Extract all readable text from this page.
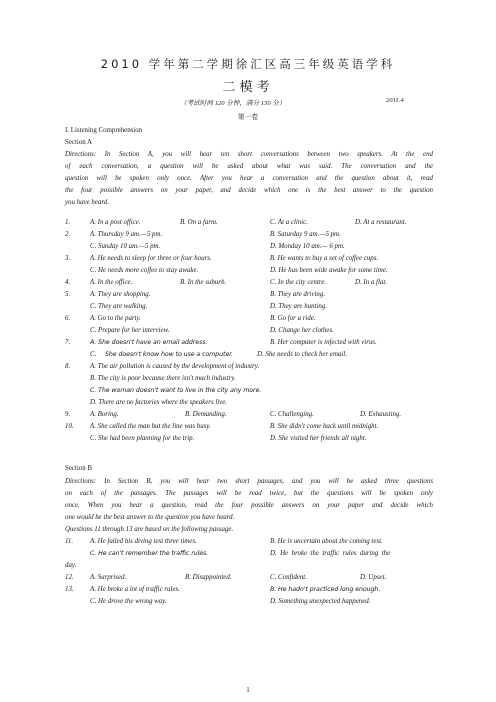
2010 学年第二学期徐汇区高三年级英语学科
二模考
（考试时间 120 分钟，满分 150 分）	2011.4
第一卷
I. Listening Comprehension
Section A
Directions: In Section A, you will hear ten short conversations between two speakers. At the end
of each conversation, a question will be asked about what was said. The conversation and the
question will be spoken only once. After you hear a conversation and the question about it, read
the four possible answers on your paper, and decide which one is the best answer to the question
you have heard.
1.	A. In a post office.	B. On a farm.	C. At a clinic.	D. At a restaurant.
2.	A. Thursday 9 am.—5 pm.	B. Saturday 9 am.—5 pm.
C. Sunday 10 am.—5 pm.	D. Monday 10 am.— 6 pm.
3.	A. He needs to sleep for three or four hours.	B. He wants to buy a set of coffee cups.
C. He needs more coffee to stay awake.	D. He has been wide awake for some time.
4.	A. In the office.	B. In the suburb.	C. In the city centre.	D. In a flat.
5.	A. They are shopping.	B. They are driving.
C. They are walking.	D. They are hunting.
6.	A. Go to the party.	B. Go for a ride.
C. Prepare for her interview.	D. Change her clothes.
7.	A. She doesn't have an email address.	B. Her computer is infected with virus.
C. She doesn't know how to use a computer.	D. She needs to check her email.
8.	A. The air pollution is caused by the development of industry.
B. The city is poor because there isn't much industry.
C. The woman doesn't want to live in the city any more.
D. There are no factories where the speakers live.
9.	A. Boring.	B. Demanding.	C. Challenging.	D. Exhausting.
10. A. She called the man but the line was busy.	B. She didn't come back until midnight.
C. She had been planning for the trip.	D. She visited her friends all night.
Section B
Directions: In Section B, you will hear two short passages, and you will be asked three questions
on each of the passages. The passages will be read twice, but the questions will be spoken only
once. When you hear a question, read the four possible answers on your paper and decide which
one would be the best answer to the question you have heard.
Questions 11 through 13 are based on the following passage.
11. A. He failed his diving test three times.	B. He is uncertain about the coming test.
C. He can't remember the traffic rules.	D.  He  broke  the  traffic  rules  during  the
day.
12. A. Surprised.	B. Disappointed.	C. Confident.	D. Upset.
13. A. He broke a lot of traffic rules.	B. He hadn't practiced long enough.
C. He drove the wrong way.	D. Something unexpected happened.
1
